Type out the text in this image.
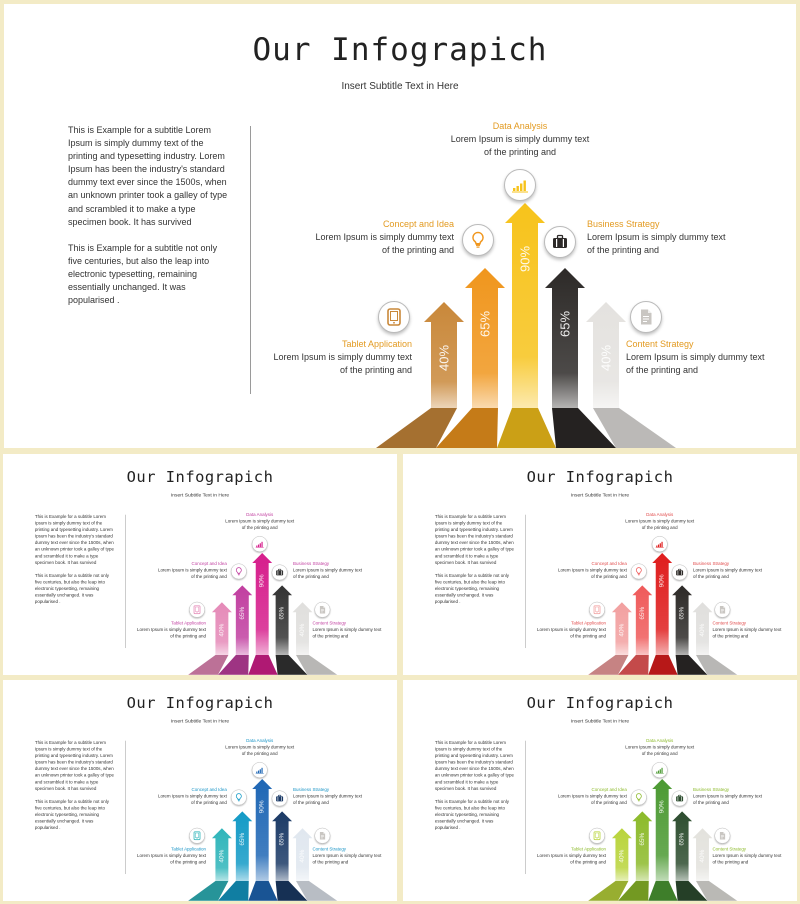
Our Infograpich
Insert Subtitle Text in Here

This is Example for a subtitle Lorem Ipsum is simply dummy text of the printing and typesetting industry. Lorem Ipsum has been the industry's standard dummy text ever since the 1500s, when an unknown printer took a galley of type and scrambled it to make a type specimen book. It has survived

This is Example for a subtitle not only five centuries, but also the leap into electronic typesetting, remaining essentially unchanged. It was popularised .

40%
65%
90%
65%
40%
Tablet Application
Lorem Ipsum is simply dummy text
of the printing and
Concept and Idea
Lorem Ipsum is simply dummy text
of the printing and
Data Analysis
Lorem Ipsum is simply dummy text
of the printing and
Business Strategy
Lorem Ipsum is simply dummy text
of the printing and
Content Strategy
Lorem Ipsum is simply dummy text
of the printing and
Our Infograpich
Insert Subtitle Text in Here

This is Example for a subtitle Lorem Ipsum is simply dummy text of the printing and typesetting industry. Lorem Ipsum has been the industry's standard dummy text ever since the 1500s, when an unknown printer took a galley of type and scrambled it to make a type specimen book. It has survived

This is Example for a subtitle not only five centuries, but also the leap into electronic typesetting, remaining essentially unchanged. It was popularised .

40%
65%
90%
65%
40%
Tablet Application
Lorem Ipsum is simply dummy text
of the printing and
Concept and Idea
Lorem Ipsum is simply dummy text
of the printing and
Data Analysis
Lorem Ipsum is simply dummy text
of the printing and
Business Strategy
Lorem Ipsum is simply dummy text
of the printing and
Content Strategy
Lorem Ipsum is simply dummy text
of the printing and
Our Infograpich
Insert Subtitle Text in Here

This is Example for a subtitle Lorem Ipsum is simply dummy text of the printing and typesetting industry. Lorem Ipsum has been the industry's standard dummy text ever since the 1500s, when an unknown printer took a galley of type and scrambled it to make a type specimen book. It has survived

This is Example for a subtitle not only five centuries, but also the leap into electronic typesetting, remaining essentially unchanged. It was popularised .

40%
65%
90%
65%
40%
Tablet Application
Lorem Ipsum is simply dummy text
of the printing and
Concept and Idea
Lorem Ipsum is simply dummy text
of the printing and
Data Analysis
Lorem Ipsum is simply dummy text
of the printing and
Business Strategy
Lorem Ipsum is simply dummy text
of the printing and
Content Strategy
Lorem Ipsum is simply dummy text
of the printing and
Our Infograpich
Insert Subtitle Text in Here

This is Example for a subtitle Lorem Ipsum is simply dummy text of the printing and typesetting industry. Lorem Ipsum has been the industry's standard dummy text ever since the 1500s, when an unknown printer took a galley of type and scrambled it to make a type specimen book. It has survived

This is Example for a subtitle not only five centuries, but also the leap into electronic typesetting, remaining essentially unchanged. It was popularised .

40%
65%
90%
65%
40%
Tablet Application
Lorem Ipsum is simply dummy text
of the printing and
Concept and Idea
Lorem Ipsum is simply dummy text
of the printing and
Data Analysis
Lorem Ipsum is simply dummy text
of the printing and
Business Strategy
Lorem Ipsum is simply dummy text
of the printing and
Content Strategy
Lorem Ipsum is simply dummy text
of the printing and
Our Infograpich
Insert Subtitle Text in Here

This is Example for a subtitle Lorem Ipsum is simply dummy text of the printing and typesetting industry. Lorem Ipsum has been the industry's standard dummy text ever since the 1500s, when an unknown printer took a galley of type and scrambled it to make a type specimen book. It has survived

This is Example for a subtitle not only five centuries, but also the leap into electronic typesetting, remaining essentially unchanged. It was popularised .

40%
65%
90%
65%
40%
Tablet Application
Lorem Ipsum is simply dummy text
of the printing and
Concept and Idea
Lorem Ipsum is simply dummy text
of the printing and
Data Analysis
Lorem Ipsum is simply dummy text
of the printing and
Business Strategy
Lorem Ipsum is simply dummy text
of the printing and
Content Strategy
Lorem Ipsum is simply dummy text
of the printing and
